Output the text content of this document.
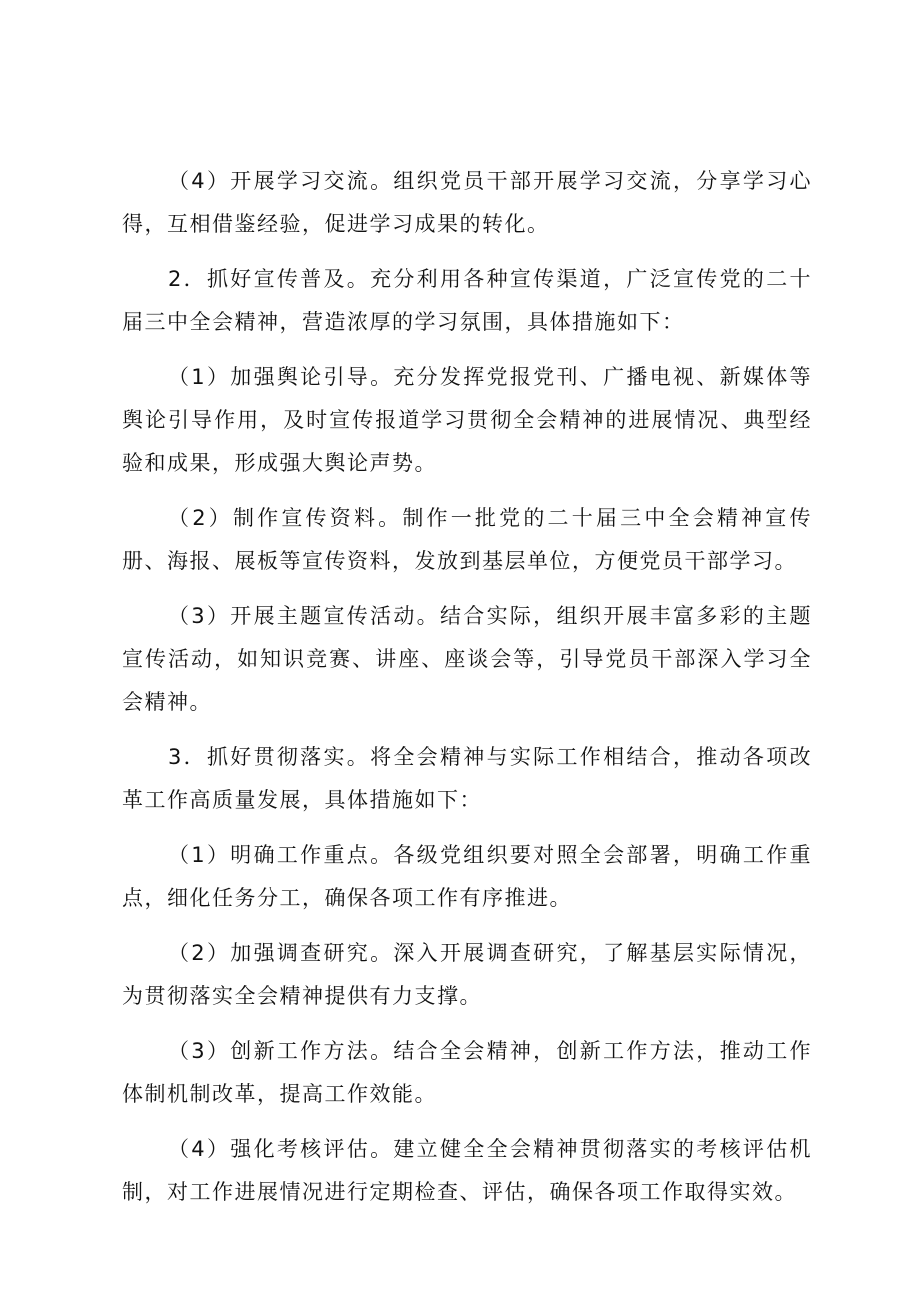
（4）开展学习交流。组织党员干部开展学习交流，分享学习心得，互相借鉴经验，促进学习成果的转化。

2．抓好宣传普及。充分利用各种宣传渠道，广泛宣传党的二十届三中全会精神，营造浓厚的学习氛围，具体措施如下：

（1）加强舆论引导。充分发挥党报党刊、广播电视、新媒体等舆论引导作用，及时宣传报道学习贯彻全会精神的进展情况、典型经验和成果，形成强大舆论声势。

（2）制作宣传资料。制作一批党的二十届三中全会精神宣传册、海报、展板等宣传资料，发放到基层单位，方便党员干部学习。

（3）开展主题宣传活动。结合实际，组织开展丰富多彩的主题宣传活动，如知识竞赛、讲座、座谈会等，引导党员干部深入学习全会精神。

3．抓好贯彻落实。将全会精神与实际工作相结合，推动各项改革工作高质量发展，具体措施如下：

（1）明确工作重点。各级党组织要对照全会部署，明确工作重点，细化任务分工，确保各项工作有序推进。

（2）加强调查研究。深入开展调查研究，了解基层实际情况，为贯彻落实全会精神提供有力支撑。

（3）创新工作方法。结合全会精神，创新工作方法，推动工作体制机制改革，提高工作效能。

（4）强化考核评估。建立健全全会精神贯彻落实的考核评估机制，对工作进展情况进行定期检查、评估，确保各项工作取得实效。
